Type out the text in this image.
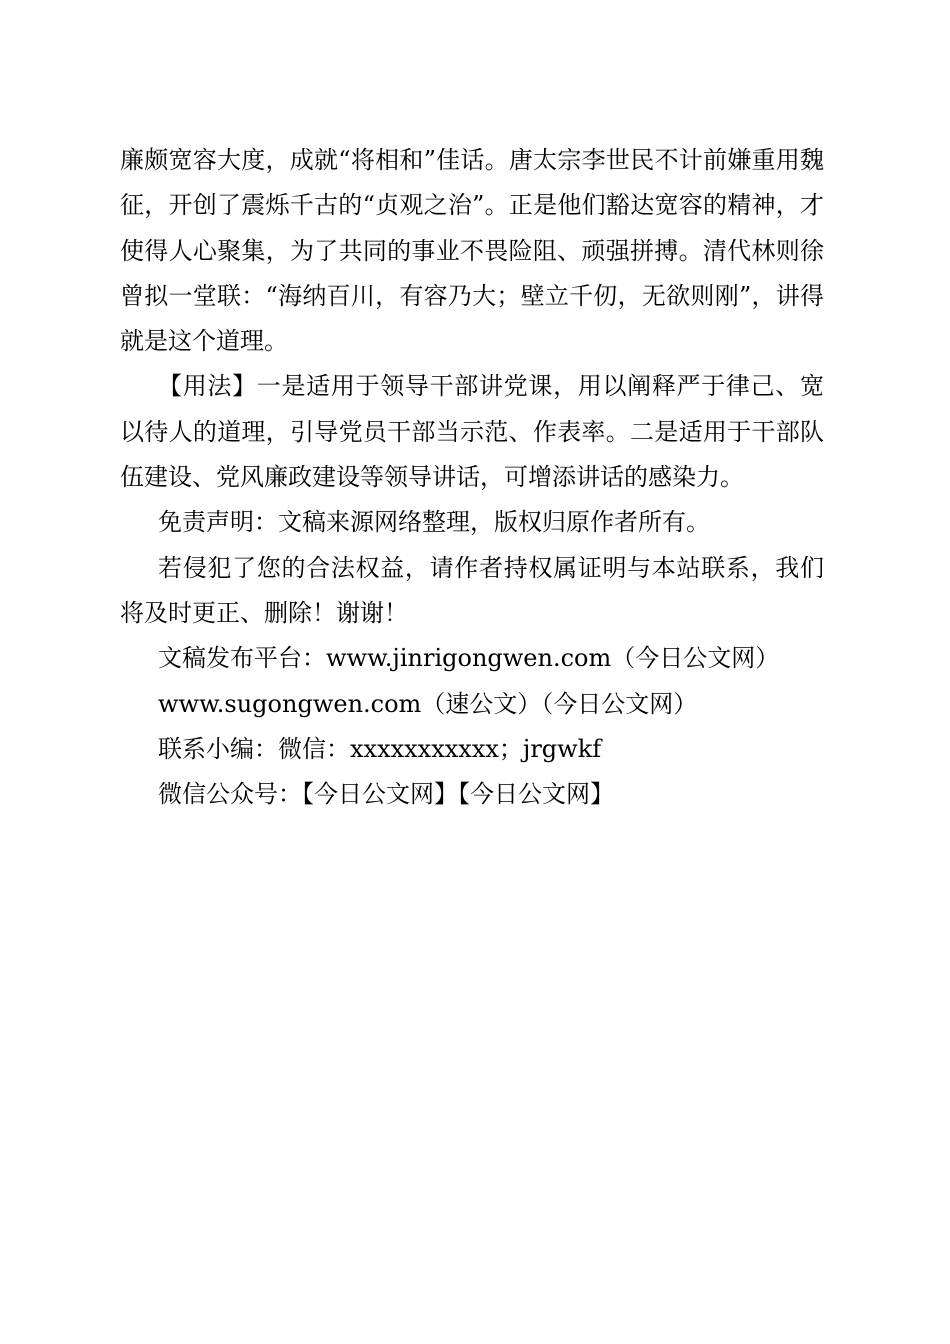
廉颇宽容大度，成就“将相和”佳话。唐太宗李世民不计前嫌重用魏征，开创了震烁千古的“贞观之治”。正是他们豁达宽容的精神，才使得人心聚集，为了共同的事业不畏险阻、顽强拼搏。清代林则徐曾拟一堂联：“海纳百川，有容乃大；壁立千仞，无欲则刚”，讲得就是这个道理。

【用法】一是适用于领导干部讲党课，用以阐释严于律己、宽以待人的道理，引导党员干部当示范、作表率。二是适用于干部队伍建设、党风廉政建设等领导讲话，可增添讲话的感染力。

免责声明：文稿来源网络整理，版权归原作者所有。

若侵犯了您的合法权益，请作者持权属证明与本站联系，我们将及时更正、删除！谢谢！

文稿发布平台：www.jinrigongwen.com（今日公文网）

www.sugongwen.com（速公文）（今日公文网）

联系小编：微信：xxxxxxxxxxx；jrgwkf

微信公众号：【今日公文网】【今日公文网】
